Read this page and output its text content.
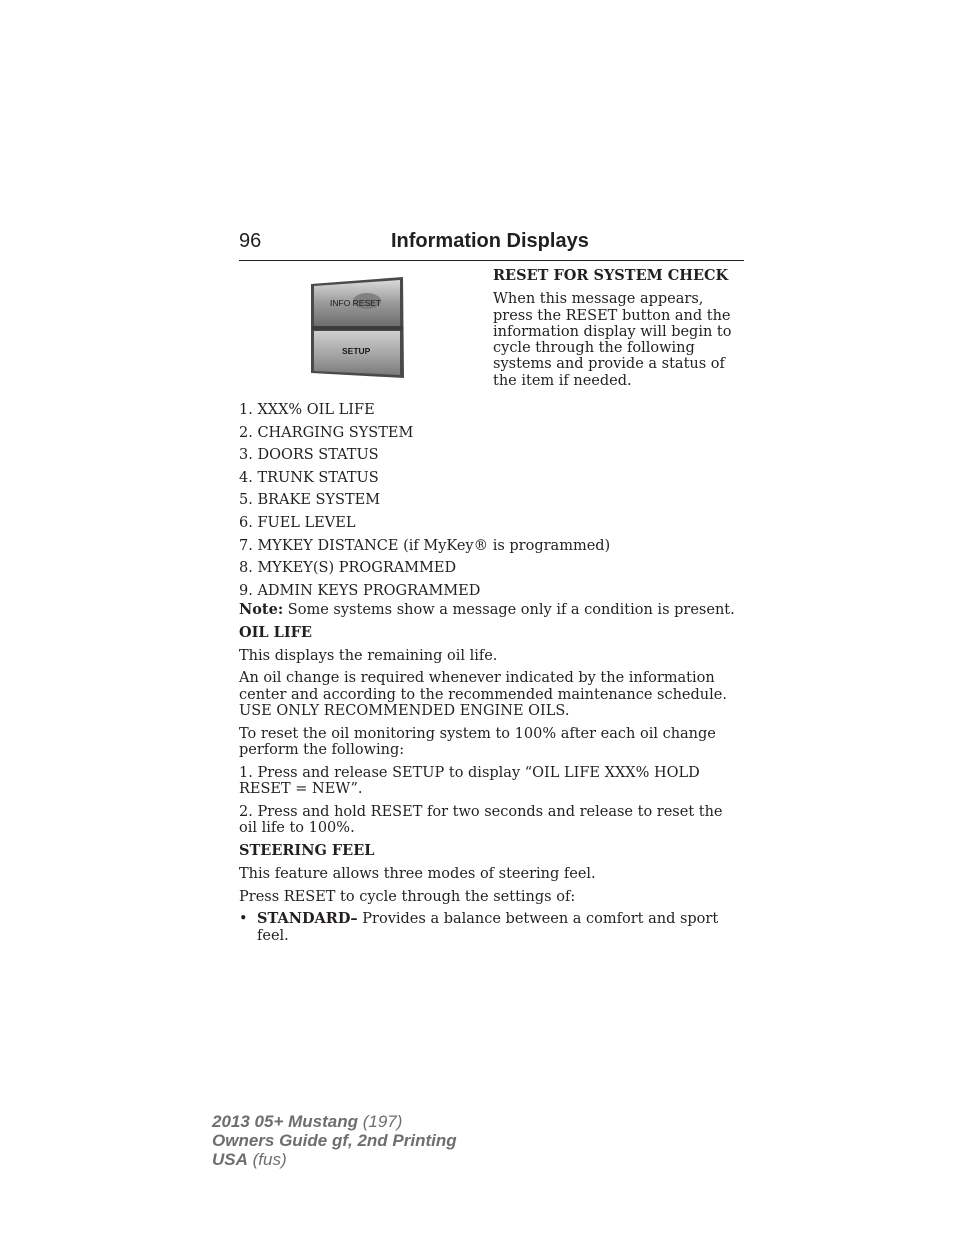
96	Information Displays
INFO RESET
SETUP

RESET FOR SYSTEM CHECK

When this message appears, press the RESET button and the information display will begin to cycle through the following systems and provide a status of the item if needed.

1. XXX% OIL LIFE
2. CHARGING SYSTEM
3. DOORS STATUS
4. TRUNK STATUS
5. BRAKE SYSTEM
6. FUEL LEVEL
7. MYKEY DISTANCE (if MyKey® is programmed)
8. MYKEY(S) PROGRAMMED
9. ADMIN KEYS PROGRAMMED

Note: Some systems show a message only if a condition is present.

OIL LIFE

This displays the remaining oil life.

An oil change is required whenever indicated by the information center and according to the recommended maintenance schedule. USE ONLY RECOMMENDED ENGINE OILS.

To reset the oil monitoring system to 100% after each oil change perform the following:

1. Press and release SETUP to display “OIL LIFE XXX% HOLD RESET = NEW”.

2. Press and hold RESET for two seconds and release to reset the oil life to 100%.

STEERING FEEL

This feature allows three modes of steering feel.

Press RESET to cycle through the settings of:

• STANDARD– Provides a balance between a comfort and sport feel.

2013 05+ Mustang (197)
Owners Guide gf, 2nd Printing
USA (fus)
